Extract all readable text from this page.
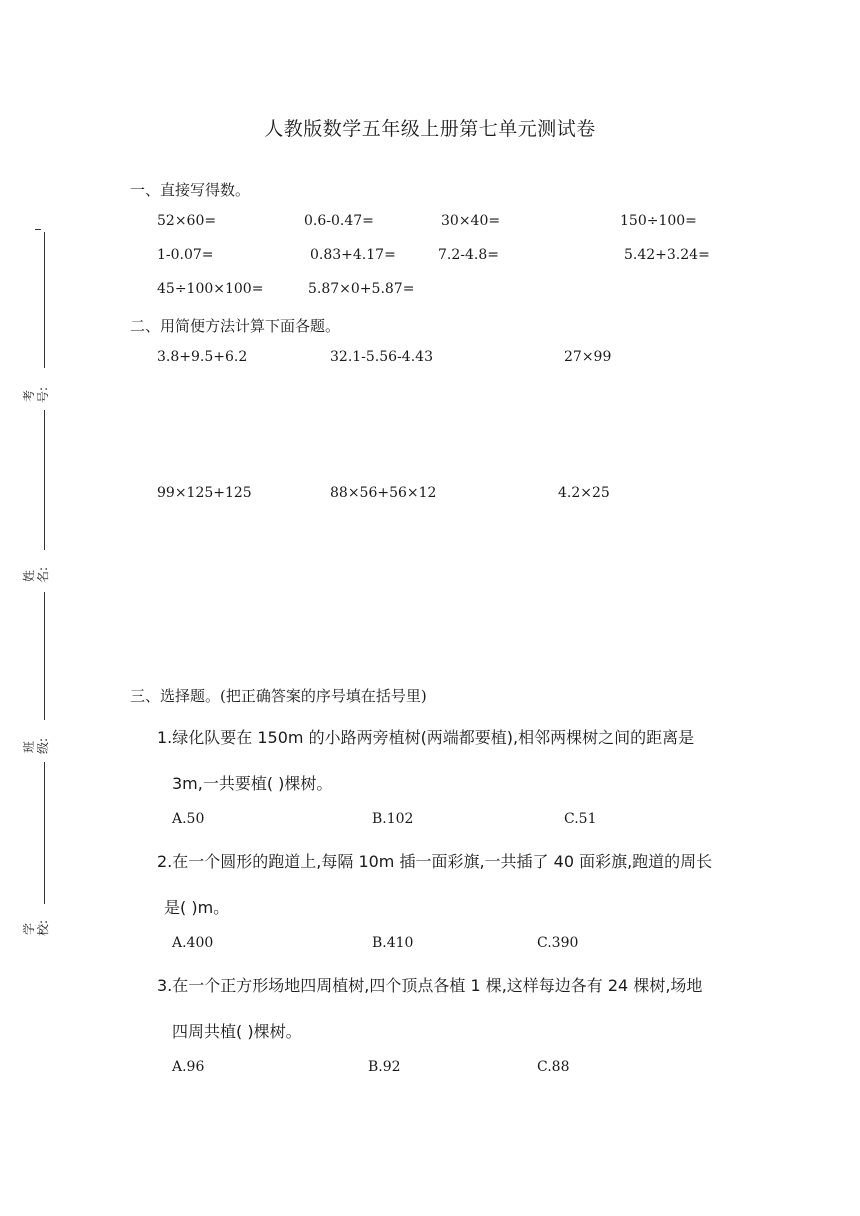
考号:
姓名:
班级:
学校:
人教版数学五年级上册第七单元测试卷
一、直接写得数。
52×60=	0.6-0.47=	30×40=	150÷100=
1-0.07=	0.83+4.17=	7.2-4.8=	5.42+3.24=
45÷100×100=	5.87×0+5.87=
二、用简便方法计算下面各题。
3.8+9.5+6.2	32.1-5.56-4.43	27×99
99×125+125	88×56+56×12	4.2×25
三、选择题。(把正确答案的序号填在括号里)
1.绿化队要在 150m 的小路两旁植树(两端都要植),相邻两棵树之间的距离是
3m,一共要植( )棵树。
A.50	B.102	C.51
2.在一个圆形的跑道上,每隔 10m 插一面彩旗,一共插了 40 面彩旗,跑道的周长
是( )m。
A.400	B.410	C.390
3.在一个正方形场地四周植树,四个顶点各植 1 棵,这样每边各有 24 棵树,场地
四周共植( )棵树。
A.96	B.92	C.88
